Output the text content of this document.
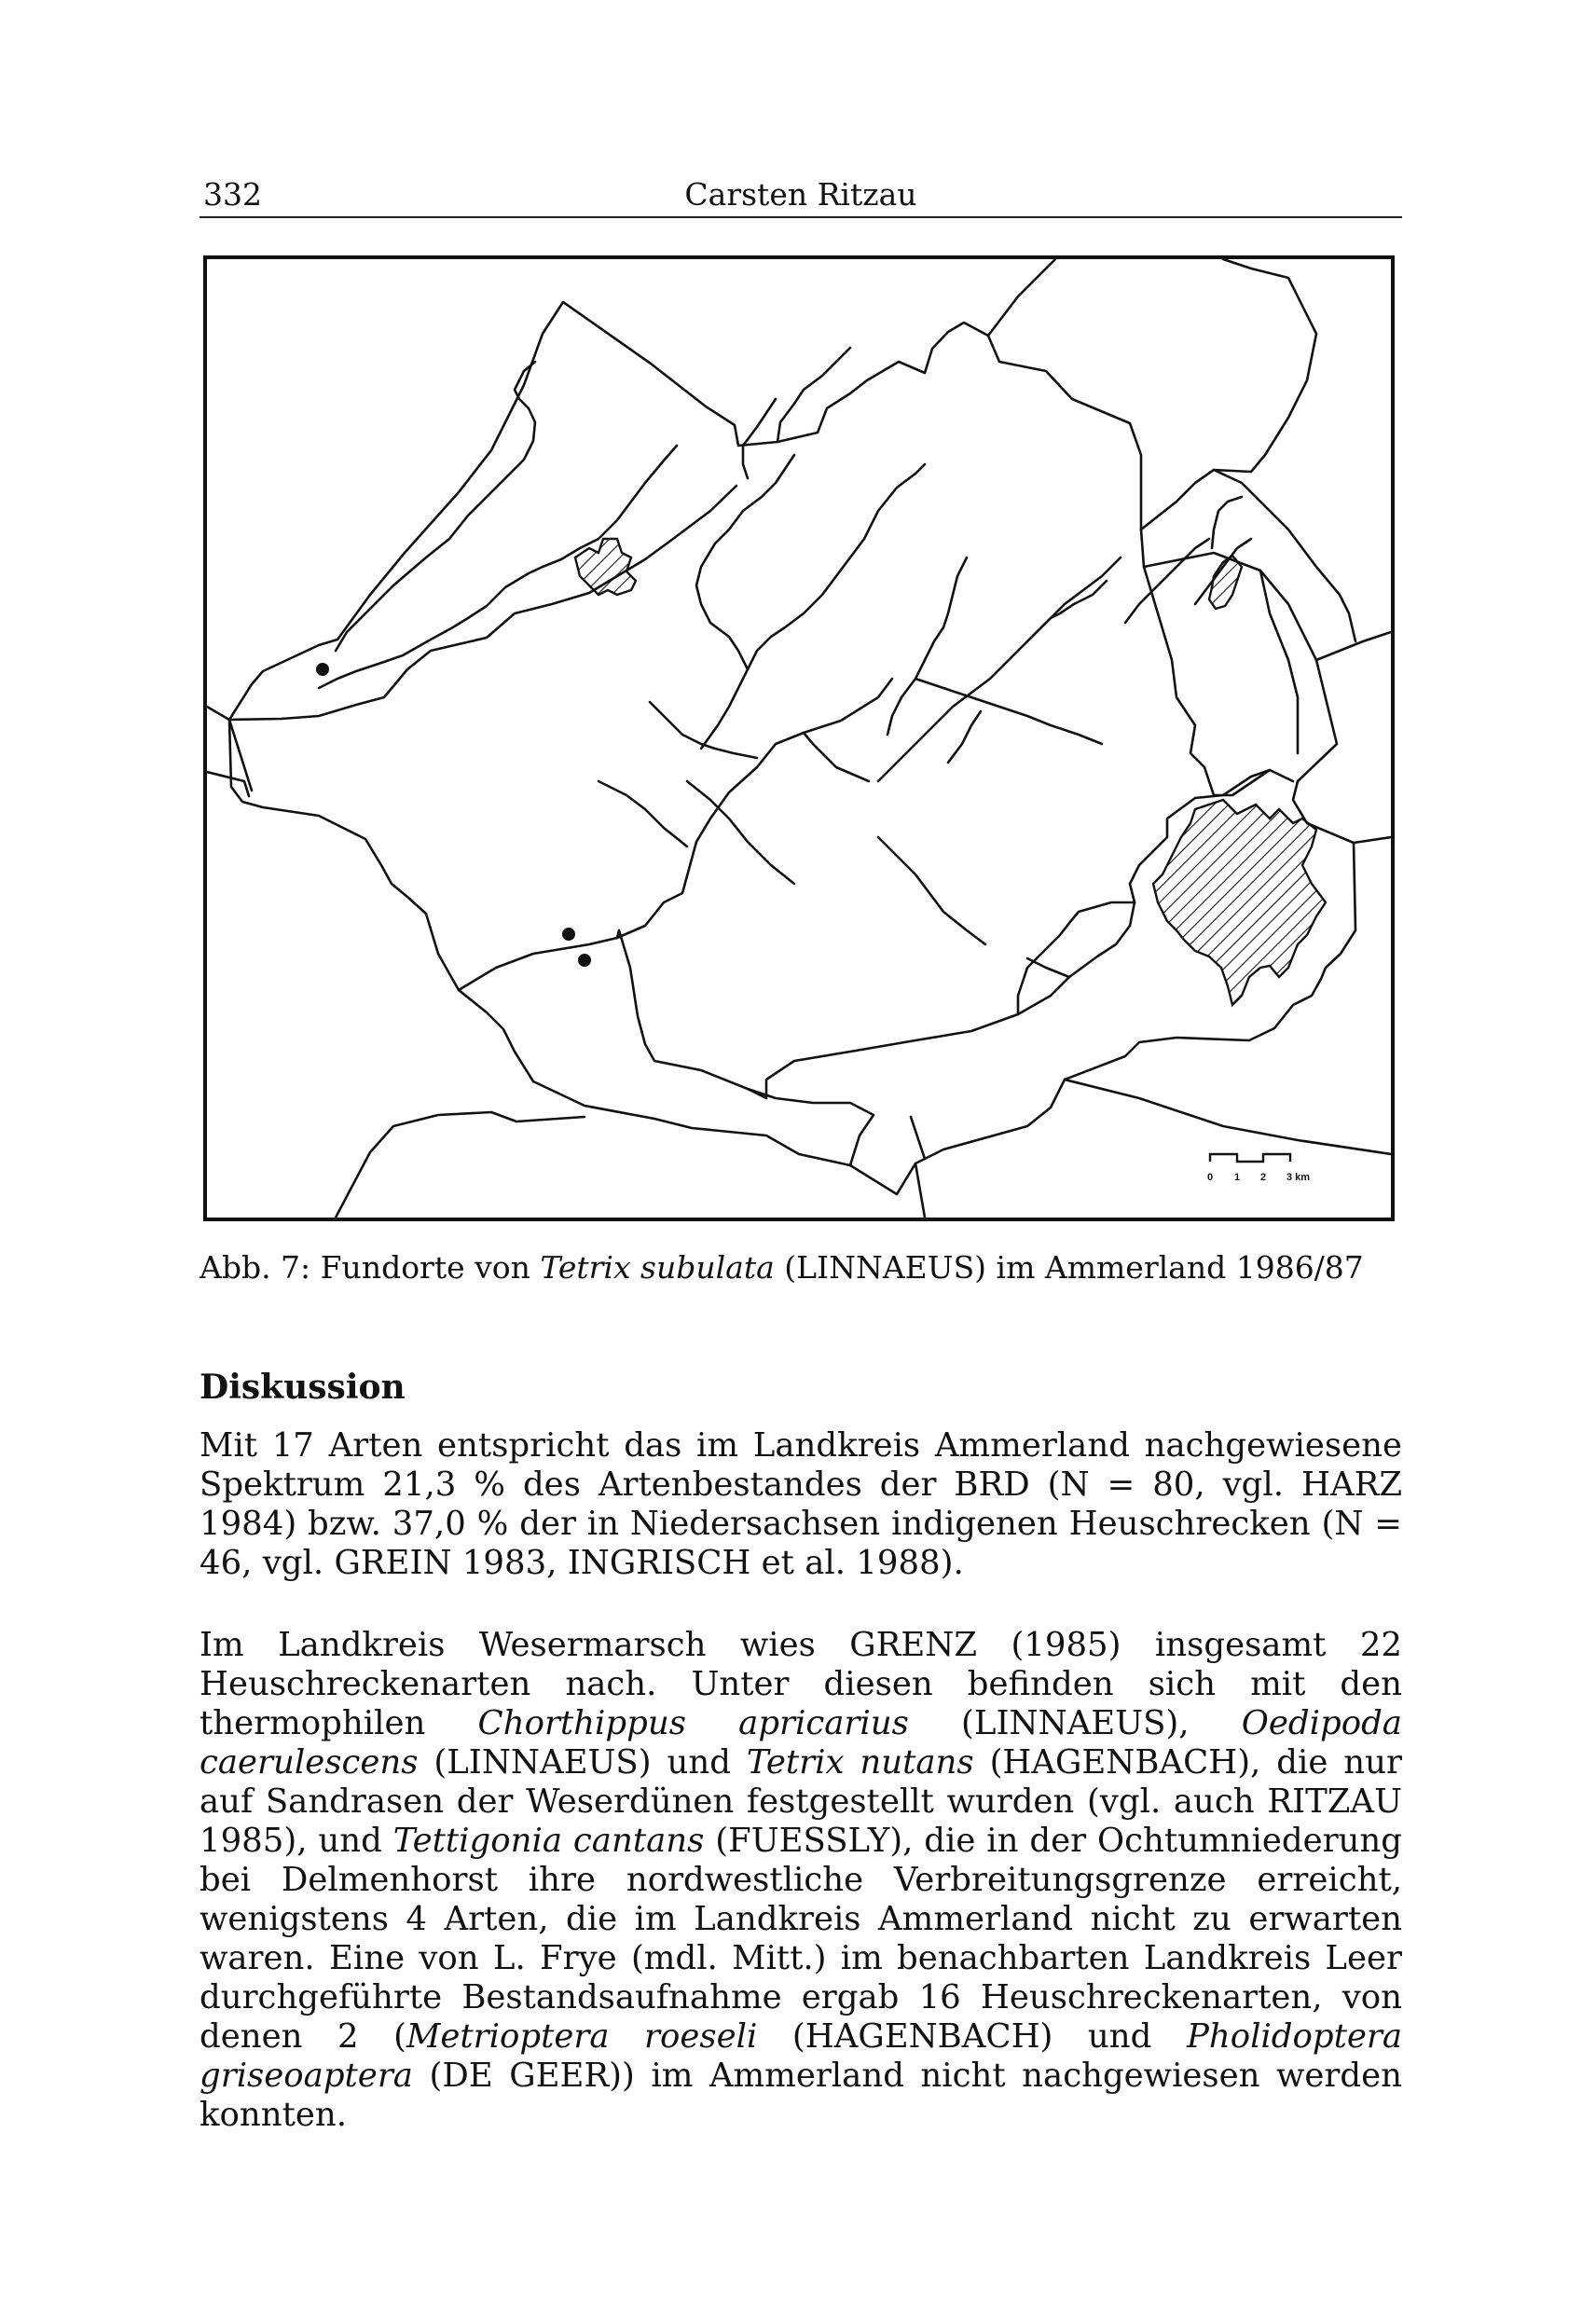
332	Carsten Ritzau
0 1 2 3 km
Abb. 7: Fundorte von Tetrix subulata (LINNAEUS) im Ammerland 1986/87
Diskussion

Mit 17 Arten entspricht das im Landkreis Ammerland nachgewiesene Spektrum 21,3 % des Artenbestandes der BRD (N = 80, vgl. HARZ 1984) bzw. 37,0 % der in Niedersachsen indigenen Heuschrecken (N = 46, vgl. GREIN 1983, INGRISCH et al. 1988).

Im Landkreis Wesermarsch wies GRENZ (1985) insgesamt 22 Heuschreckenarten nach. Unter diesen befinden sich mit den thermophilen Chorthippus apricarius (LINNAEUS), Oedipoda caerulescens (LINNAEUS) und Tetrix nutans (HAGENBACH), die nur auf Sandrasen der Weserdünen festgestellt wurden (vgl. auch RITZAU 1985), und Tettigonia cantans (FUESSLY), die in der Ochtumniederung bei Delmenhorst ihre nordwestliche Verbreitungsgrenze erreicht, wenigstens 4 Arten, die im Landkreis Ammerland nicht zu erwarten waren. Eine von L. Frye (mdl. Mitt.) im benachbarten Landkreis Leer durchgeführte Bestandsaufnahme ergab 16 Heuschreckenarten, von denen 2 (Metrioptera roeseli (HAGENBACH) und Pholidoptera griseoaptera (DE GEER)) im Ammerland nicht nachgewiesen werden konnten.
